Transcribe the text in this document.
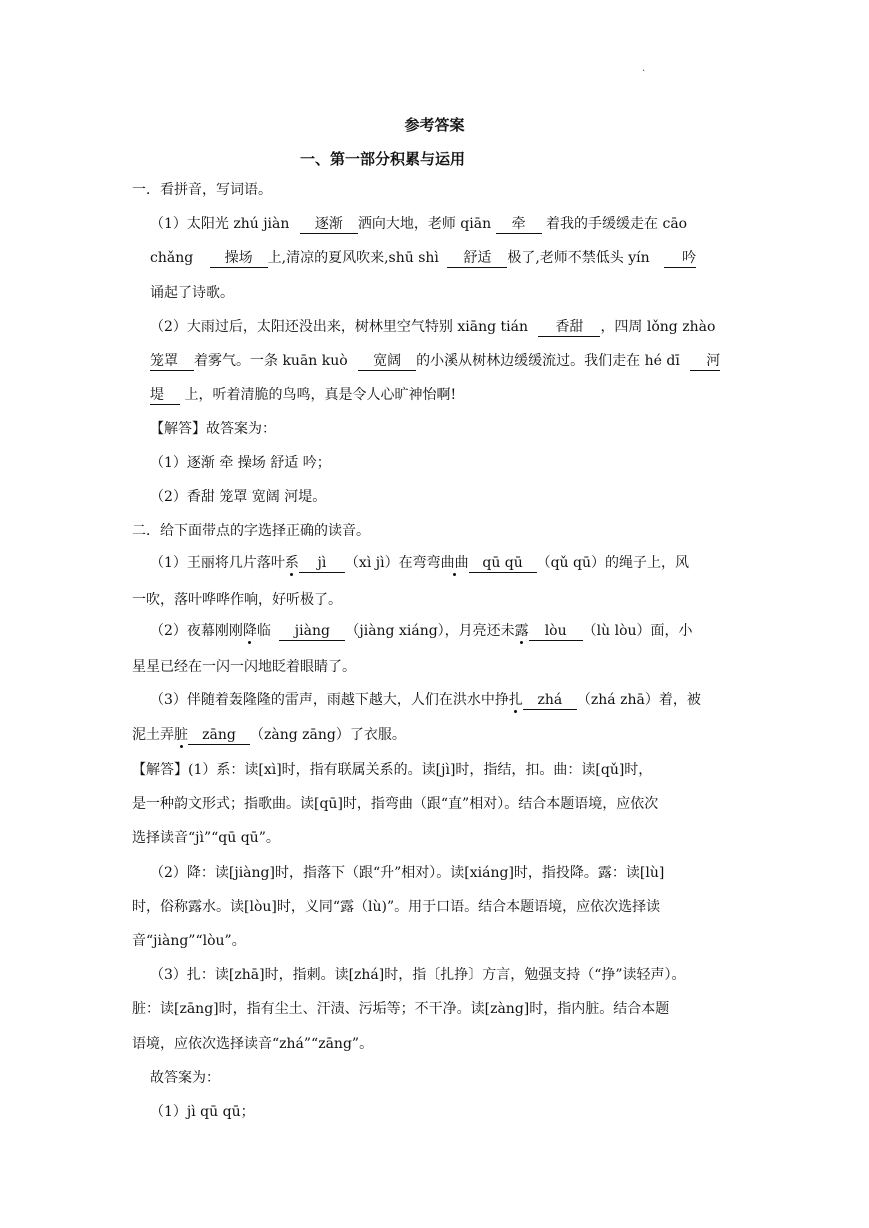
·
参考答案
一、第一部分积累与运用
一．看拼音，写词语。
（1）太阳光 zhú jiàn 逐渐 洒向大地，老师 qiān 牵 着我的手缓缓走在 cāo
chǎng 操场 上,清凉的夏风吹来,shū shì 舒适 极了,老师不禁低头 yín 吟
诵起了诗歌。
（2）大雨过后，太阳还没出来，树林里空气特别 xiāng tián 香甜 ，四周 lǒng zhào
笼罩 着雾气。一条 kuān kuò 宽阔 的小溪从树林边缓缓流过。我们走在 hé dī 河
堤 上，听着清脆的鸟鸣，真是令人心旷神怡啊!
【解答】故答案为：
（1）逐渐 牵 操场 舒适 吟；
（2）香甜 笼罩 宽阔 河堤。
二．给下面带点的字选择正确的读音。
（1）王丽将几片落叶系 jì （xì jì）在弯弯曲曲 qū qū （qǔ qū）的绳子上，风
一吹，落叶哗哗作响，好听极了。
（2）夜幕刚刚降临 jiàng （jiàng xiáng），月亮还未露 lòu （lù lòu）面，小
星星已经在一闪一闪地眨着眼睛了。
（3）伴随着轰隆隆的雷声，雨越下越大，人们在洪水中挣扎 zhá （zhá zhā）着，被
泥土弄脏 zāng （zàng zāng）了衣服。
【解答】(1）系：读[xì]时，指有联属关系的。读[jì]时，指结，扣。曲：读[qǔ]时，
是一种韵文形式；指歌曲。读[qū]时，指弯曲（跟“直”相对）。结合本题语境，应依次
选择读音“jì”“qū qū”。
（2）降：读[jiàng]时，指落下（跟“升”相对）。读[xiáng]时，指投降。露：读[lù]
时，俗称露水。读[lòu]时，义同“露（lù)”。用于口语。结合本题语境，应依次选择读
音“jiàng”“lòu”。
（3）扎：读[zhā]时，指刺。读[zhá]时，指〔扎挣〕方言，勉强支持（“挣”读轻声）。
脏：读[zāng]时，指有尘土、汗渍、污垢等；不干净。读[zàng]时，指内脏。结合本题
语境，应依次选择读音“zhá”“zāng”。
故答案为：
（1）jì qū qū；
